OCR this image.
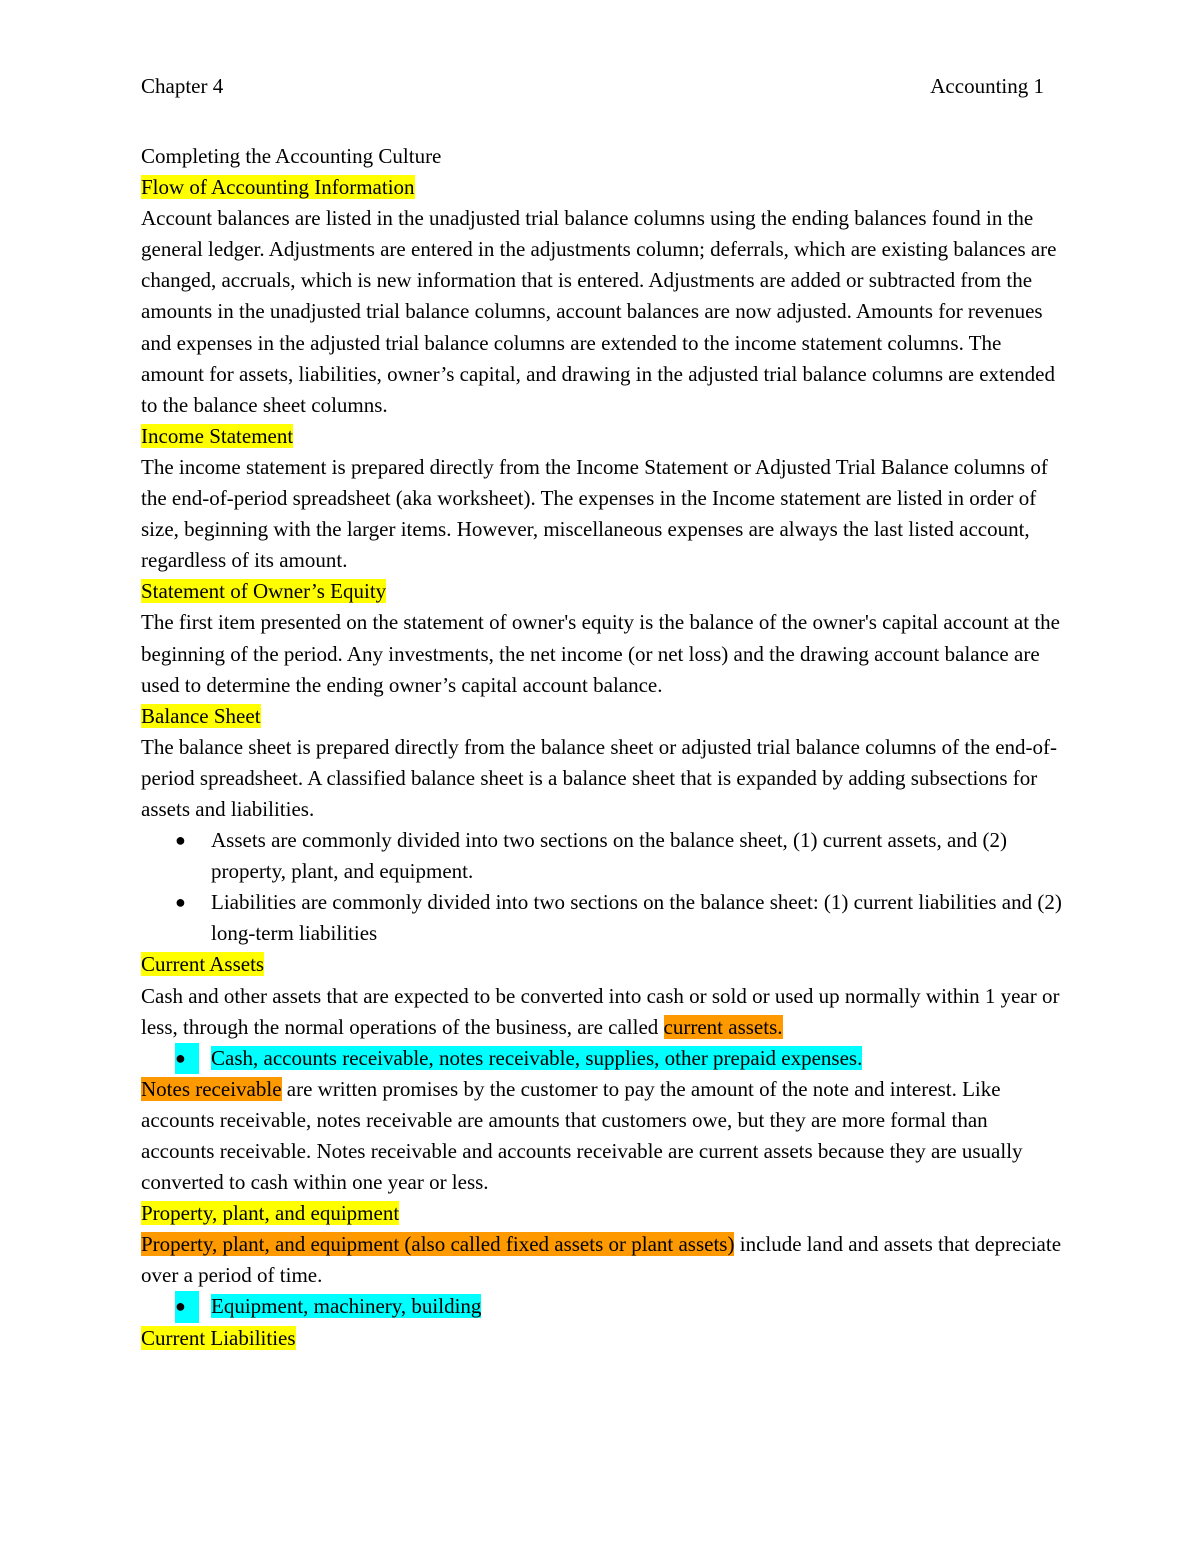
Chapter 4	Accounting 1

Completing the Accounting Culture

Flow of Accounting Information

Account balances are listed in the unadjusted trial balance columns using the ending balances found in the general ledger. Adjustments are entered in the adjustments column; deferrals, which are existing balances are changed, accruals, which is new information that is entered. Adjustments are added or subtracted from the amounts in the unadjusted trial balance columns, account balances are now adjusted. Amounts for revenues and expenses in the adjusted trial balance columns are extended to the income statement columns. The amount for assets, liabilities, owner’s capital, and drawing in the adjusted trial balance columns are extended to the balance sheet columns.

Income Statement

The income statement is prepared directly from the Income Statement or Adjusted Trial Balance columns of the end-of-period spreadsheet (aka worksheet). The expenses in the Income statement are listed in order of size, beginning with the larger items. However, miscellaneous expenses are always the last listed account, regardless of its amount.

Statement of Owner’s Equity

The first item presented on the statement of owner's equity is the balance of the owner's capital account at the beginning of the period. Any investments, the net income (or net loss) and the drawing account balance are used to determine the ending owner’s capital account balance.

Balance Sheet

The balance sheet is prepared directly from the balance sheet or adjusted trial balance columns of the end-of-period spreadsheet. A classified balance sheet is a balance sheet that is expanded by adding subsections for assets and liabilities.

●	Assets are commonly divided into two sections on the balance sheet, (1) current assets, and (2) property, plant, and equipment.
●	Liabilities are commonly divided into two sections on the balance sheet: (1) current liabilities and (2) long-term liabilities

Current Assets

Cash and other assets that are expected to be converted into cash or sold or used up normally within 1 year or less, through the normal operations of the business, are called current assets.

●	Cash, accounts receivable, notes receivable, supplies, other prepaid expenses.

Notes receivable are written promises by the customer to pay the amount of the note and interest. Like accounts receivable, notes receivable are amounts that customers owe, but they are more formal than accounts receivable. Notes receivable and accounts receivable are current assets because they are usually converted to cash within one year or less.

Property, plant, and equipment

Property, plant, and equipment (also called fixed assets or plant assets) include land and assets that depreciate over a period of time.

●	Equipment, machinery, building

Current Liabilities
